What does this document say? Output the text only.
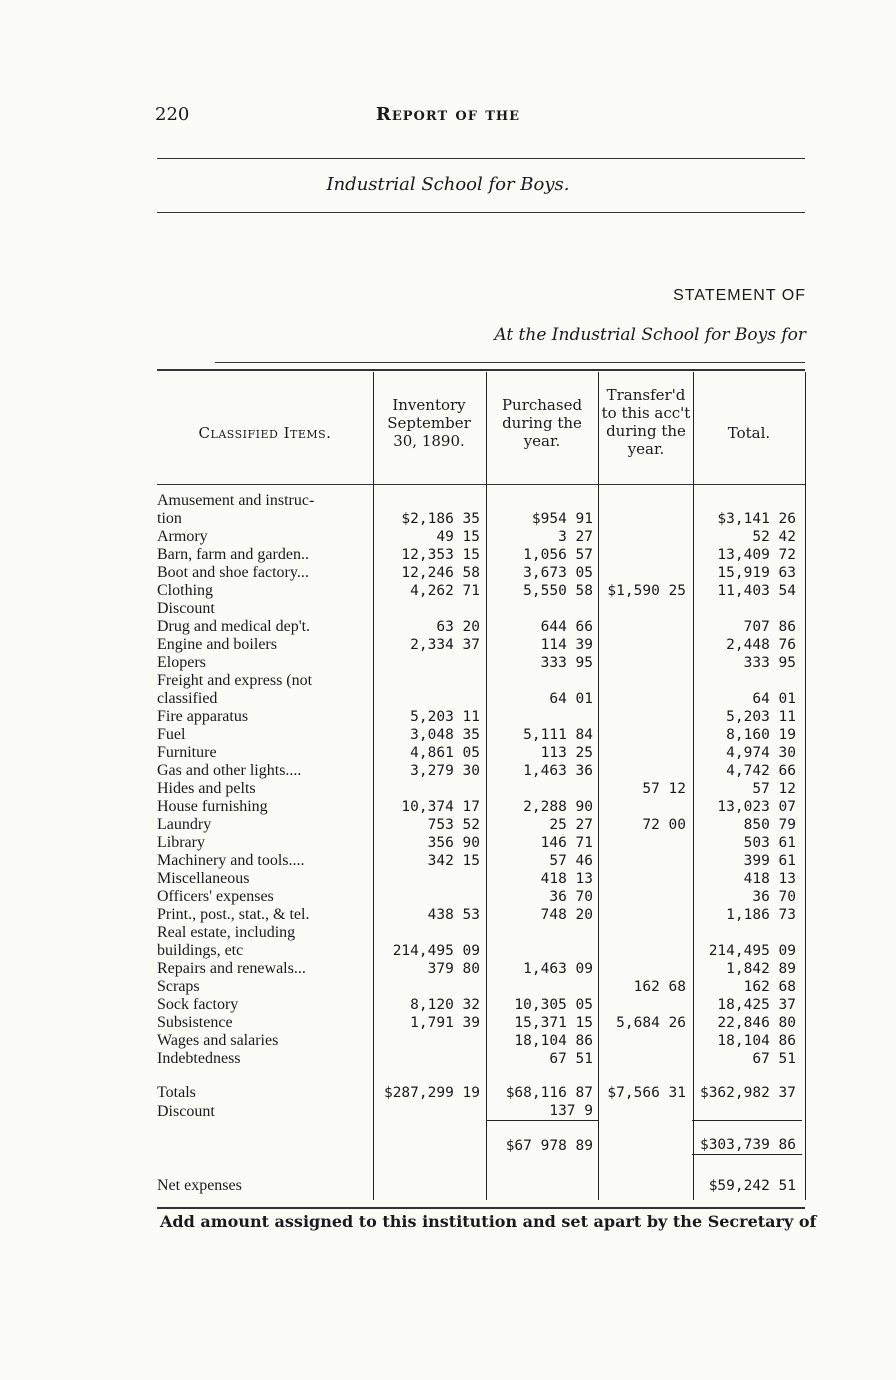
220	Report of the
Industrial School for Boys.
STATEMENT OF
At the Industrial School for Boys for
Classified Items.
Inventory September 30, 1890.
Purchased during the year.
Transfer'd to this acc't during the year.
Total.
Amusement and instruc-				
tion	$2,186 35	$954 91		$3,141 26
Armory	49 15	3 27		52 42
Barn, farm and garden..	12,353 15	1,056 57		13,409 72
Boot and shoe factory...	12,246 58	3,673 05		15,919 63
Clothing	4,262 71	5,550 58	$1,590 25	11,403 54
Discount				
Drug and medical dep't.	63 20	644 66		707 86
Engine and boilers	2,334 37	114 39		2,448 76
Elopers		333 95		333 95
Freight and express (not				
classified		64 01		64 01
Fire apparatus	5,203 11			5,203 11
Fuel	3,048 35	5,111 84		8,160 19
Furniture	4,861 05	113 25		4,974 30
Gas and other lights....	3,279 30	1,463 36		4,742 66
Hides and pelts			57 12	57 12
House furnishing	10,374 17	2,288 90		13,023 07
Laundry	753 52	25 27	72 00	850 79
Library	356 90	146 71		503 61
Machinery and tools....	342 15	57 46		399 61
Miscellaneous		418 13		418 13
Officers' expenses		36 70		36 70
Print., post., stat., & tel.	438 53	748 20		1,186 73
Real estate, including				
buildings, etc	214,495 09			214,495 09
Repairs and renewals...	379 80	1,463 09		1,842 89
Scraps			162 68	162 68
Sock factory	8,120 32	10,305 05		18,425 37
Subsistence	1,791 39	15,371 15	5,684 26	22,846 80
Wages and salaries		18,104 86		18,104 86
Indebtedness		67 51		67 51
Totals	$287,299 19	$68,116 87	$7,566 31	$362,982 37
Discount		137 9		
		$67 978 89		$303,739 86
Net expenses				$59,242 51
Add amount assigned to this institution and set apart by the Secretary of
